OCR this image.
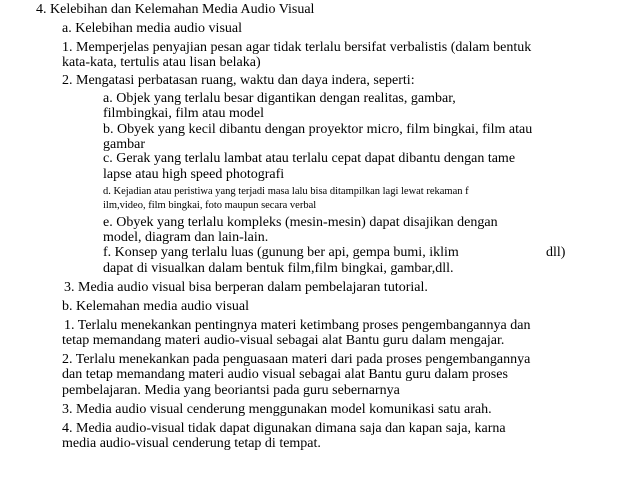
4. Kelebihan dan Kelemahan Media Audio Visual

a. Kelebihan media audio visual

1. Memperjelas penyajian pesan agar tidak terlalu bersifat verbalistis (dalam bentuk

kata-kata, tertulis atau lisan belaka)

2. Mengatasi perbatasan ruang, waktu dan daya indera, seperti:

a. Objek yang terlalu besar digantikan dengan realitas, gambar,

filmbingkai, film atau model

b. Obyek yang kecil dibantu dengan proyektor micro, film bingkai, film atau

gambar

c. Gerak yang terlalu lambat atau terlalu cepat dapat dibantu dengan tame

lapse atau high speed photografi

d. Kejadian atau peristiwa yang terjadi masa lalu bisa ditampilkan lagi lewat rekaman f

ilm,video, film bingkai, foto maupun secara verbal

e. Obyek yang terlalu kompleks (mesin-mesin) dapat disajikan dengan

model, diagram dan lain-lain.

f. Konsep yang terlalu luas (gunung ber api, gempa bumi, iklim	dll)

dapat di visualkan dalam bentuk film,film bingkai, gambar,dll.

3. Media audio visual bisa berperan dalam pembelajaran tutorial.

b. Kelemahan media audio visual

1. Terlalu menekankan pentingnya materi ketimbang proses pengembangannya dan

tetap memandang materi audio-visual sebagai alat Bantu guru dalam mengajar.

2. Terlalu menekankan pada penguasaan materi dari pada proses pengembangannya

dan tetap memandang materi audio visual sebagai alat Bantu guru dalam proses

pembelajaran. Media yang beoriantsi pada guru sebernarnya

3. Media audio visual cenderung menggunakan model komunikasi satu arah.

4. Media audio-visual tidak dapat digunakan dimana saja dan kapan saja, karna

media audio-visual cenderung tetap di tempat.
